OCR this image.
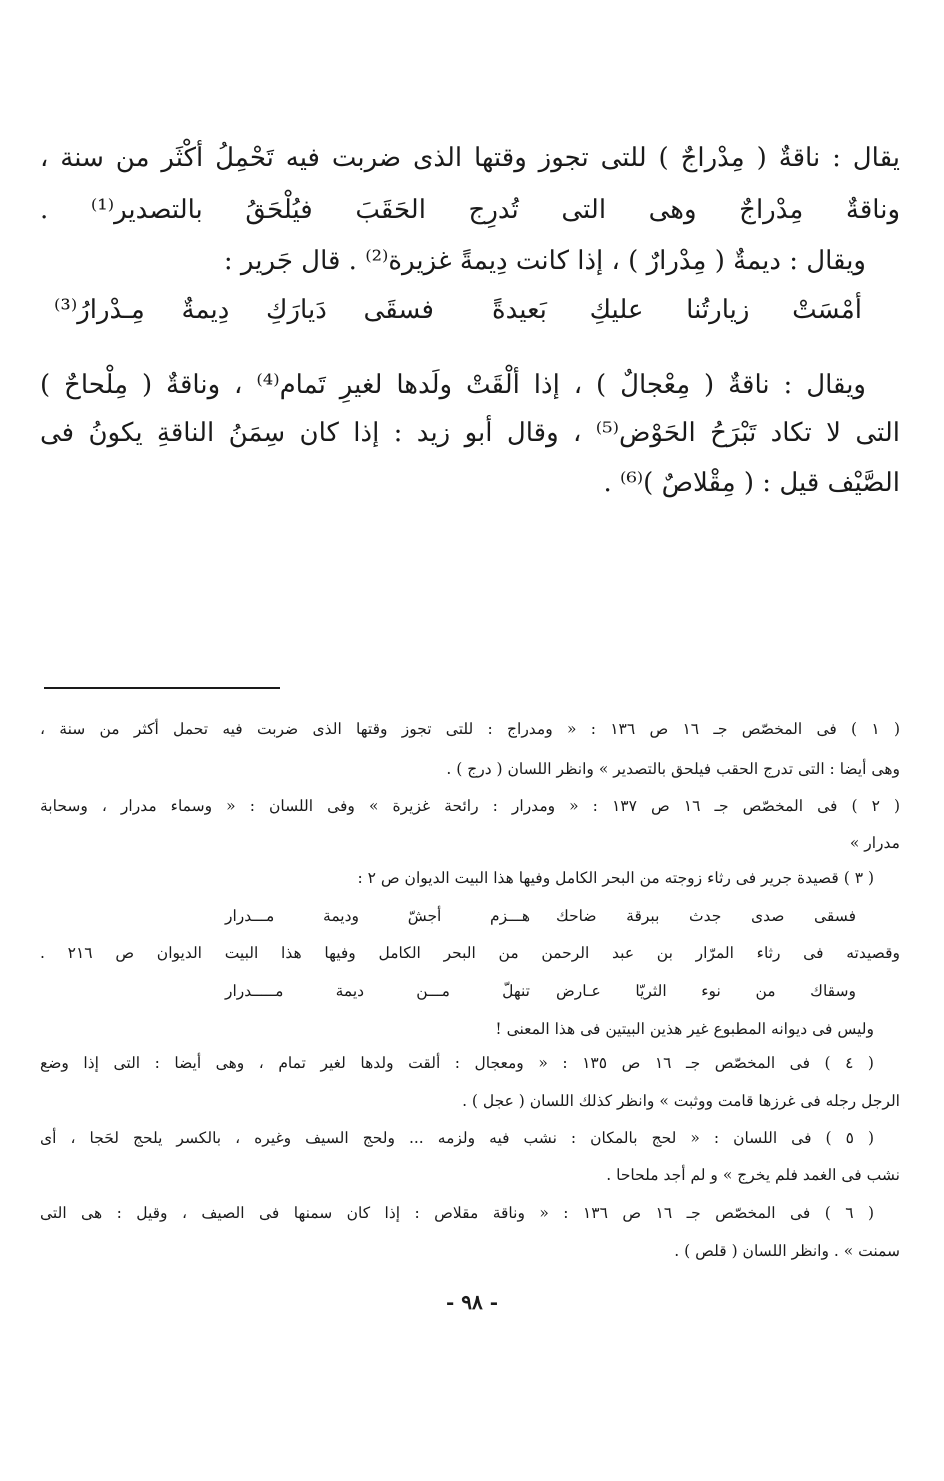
يقال : ناقةٌ ( مِدْراجٌ ) للتى تجوز وقتها الذى ضربت فيه تَحْمِلُ أكْثَر من سنة ،
وناقةٌ مِدْراجٌ وهى التى تُدرِج الحَقَبَ فيُلْحَقُ بالتصدير⁽¹⁾ .
ويقال : ديمةٌ ( مِدْرارٌ ) ، إذا كانت دِيمةً غزيرة⁽²⁾ . قال جَرير :
أمْسَتْ زيارتُنا عليكِ بَعيدةً
فسقَى دَيارَكِ دِيمةٌ مِـدْرارُ⁽³⁾
ويقال : ناقةٌ ( مِعْجالٌ ) ، إذا ألْقَتْ ولَدها لغيرِ تَمام⁽⁴⁾ ، وناقةٌ ( مِلْحاحٌ )
التى لا تكاد تَبْرَحُ الحَوْض⁽⁵⁾ ، وقال أبو زيد : إذا كان سِمَنُ الناقةِ يكونُ فى
الصَّيْف قيل : ( مِقْلاصٌ )⁽⁶⁾ .
( ١ ) فى المخصّص جـ ١٦ ص ١٣٦ : « ومدراج : للتى تجوز وقتها الذى ضربت فيه تحمل أكثر من سنة ،
وهى أيضا : التى تدرج الحقب فيلحق بالتصدير » وانظر اللسان ( درج ) .
( ٢ ) فى المخصّص جـ ١٦ ص ١٣٧ : « ومدرار : رائحة غزيرة » وفى اللسان : « وسماء مدرار ، وسحابة
مدرار »
( ٣ ) قصيدة جرير فى رثاء زوجته من البحر الكامل وفيها هذا البيت الديوان ص ٢ :
فسقى صدى جدث ببرقة ضاحك
هـــزم أجشّ وديمة مـــدرار
وقصيدته فى رثاء المرّار بن عبد الرحمن من البحر الكامل وفيها هذا البيت الديوان ص ٢١٦ .
وسقاك من نوء الثريّا عـارض
تنهلّ مـــن ديمة مـــــدرار
وليس فى ديوانه المطبوع غير هذين البيتين فى هذا المعنى !
( ٤ ) فى المخصّص جـ ١٦ ص ١٣٥ : « ومعجال : ألقت ولدها لغير تمام ، وهى أيضا : التى إذا وضع
الرجل رجله فى غرزها قامت ووثبت » وانظر كذلك اللسان ( عجل ) .
( ٥ ) فى اللسان : « لحج بالمكان : نشب فيه ولزمه ... ولحج السيف وغيره ، بالكسر يلحج لحَجا ، أى
نشب فى الغمد فلم يخرج » و لم أجد ملحاحا .
( ٦ ) فى المخصّص جـ ١٦ ص ١٣٦ : « وناقة مقلاص : إذا كان سمنها فى الصيف ، وقيل : هى التى
سمنت » . وانظر اللسان ( قلص ) .
- ٩٨ -
